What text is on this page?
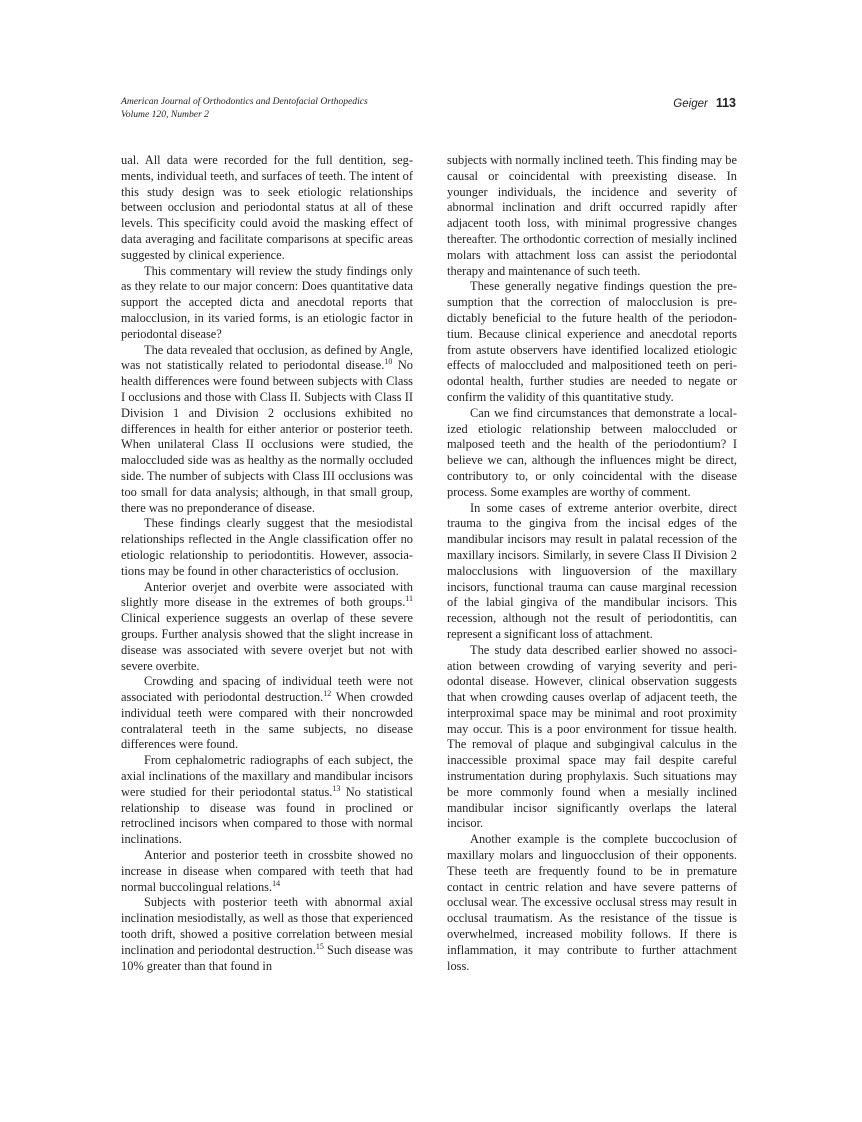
American Journal of Orthodontics and Dentofacial Orthopedics
Volume 120, Number 2
Geiger 113

ual. All data were recorded for the full dentition, segments, individual teeth, and surfaces of teeth. The intent of this study design was to seek etiologic relationships between occlusion and periodontal status at all of these levels. This specificity could avoid the masking effect of data averaging and facilitate comparisons at specific areas suggested by clinical experience.

This commentary will review the study findings only as they relate to our major concern: Does quantitative data support the accepted dicta and anecdotal reports that malocclusion, in its varied forms, is an etiologic factor in periodontal disease?

The data revealed that occlusion, as defined by Angle, was not statistically related to periodontal disease.$^{10}$ No health differences were found between subjects with Class I occlusions and those with Class II. Subjects with Class II Division 1 and Division 2 occlusions exhibited no differences in health for either anterior or posterior teeth. When unilateral Class II occlusions were studied, the maloccluded side was as healthy as the normally occluded side. The number of subjects with Class III occlusions was too small for data analysis; although, in that small group, there was no preponderance of disease.

These findings clearly suggest that the mesiodistal relationships reflected in the Angle classification offer no etiologic relationship to periodontitis. However, associations may be found in other characteristics of occlusion.

Anterior overjet and overbite were associated with slightly more disease in the extremes of both groups.$^{11}$ Clinical experience suggests an overlap of these severe groups. Further analysis showed that the slight increase in disease was associated with severe overjet but not with severe overbite.

Crowding and spacing of individual teeth were not associated with periodontal destruction.$^{12}$ When crowded individual teeth were compared with their noncrowded contralateral teeth in the same subjects, no disease differences were found.

From cephalometric radiographs of each subject, the axial inclinations of the maxillary and mandibular incisors were studied for their periodontal status.$^{13}$ No statistical relationship to disease was found in proclined or retroclined incisors when compared to those with normal inclinations.

Anterior and posterior teeth in crossbite showed no increase in disease when compared with teeth that had normal buccolingual relations.$^{14}$

Subjects with posterior teeth with abnormal axial inclination mesiodistally, as well as those that experienced tooth drift, showed a positive correlation between mesial inclination and periodontal destruction.$^{15}$ Such disease was 10% greater than that found in

subjects with normally inclined teeth. This finding may be causal or coincidental with preexisting disease. In younger individuals, the incidence and severity of abnormal inclination and drift occurred rapidly after adjacent tooth loss, with minimal progressive changes thereafter. The orthodontic correction of mesially inclined molars with attachment loss can assist the periodontal therapy and maintenance of such teeth.

These generally negative findings question the presumption that the correction of malocclusion is predictably beneficial to the future health of the periodontium. Because clinical experience and anecdotal reports from astute observers have identified localized etiologic effects of maloccluded and malpositioned teeth on periodontal health, further studies are needed to negate or confirm the validity of this quantitative study.

Can we find circumstances that demonstrate a localized etiologic relationship between maloccluded or malposed teeth and the health of the periodontium? I believe we can, although the influences might be direct, contributory to, or only coincidental with the disease process. Some examples are worthy of comment.

In some cases of extreme anterior overbite, direct trauma to the gingiva from the incisal edges of the mandibular incisors may result in palatal recession of the maxillary incisors. Similarly, in severe Class II Division 2 malocclusions with linguoversion of the maxillary incisors, functional trauma can cause marginal recession of the labial gingiva of the mandibular incisors. This recession, although not the result of periodontitis, can represent a significant loss of attachment.

The study data described earlier showed no association between crowding of varying severity and periodontal disease. However, clinical observation suggests that when crowding causes overlap of adjacent teeth, the interproximal space may be minimal and root proximity may occur. This is a poor environment for tissue health. The removal of plaque and subgingival calculus in the inaccessible proximal space may fail despite careful instrumentation during prophylaxis. Such situations may be more commonly found when a mesially inclined mandibular incisor significantly overlaps the lateral incisor.

Another example is the complete buccoclusion of maxillary molars and linguocclusion of their opponents. These teeth are frequently found to be in premature contact in centric relation and have severe patterns of occlusal wear. The excessive occlusal stress may result in occlusal traumatism. As the resistance of the tissue is overwhelmed, increased mobility follows. If there is inflammation, it may contribute to further attachment loss.
